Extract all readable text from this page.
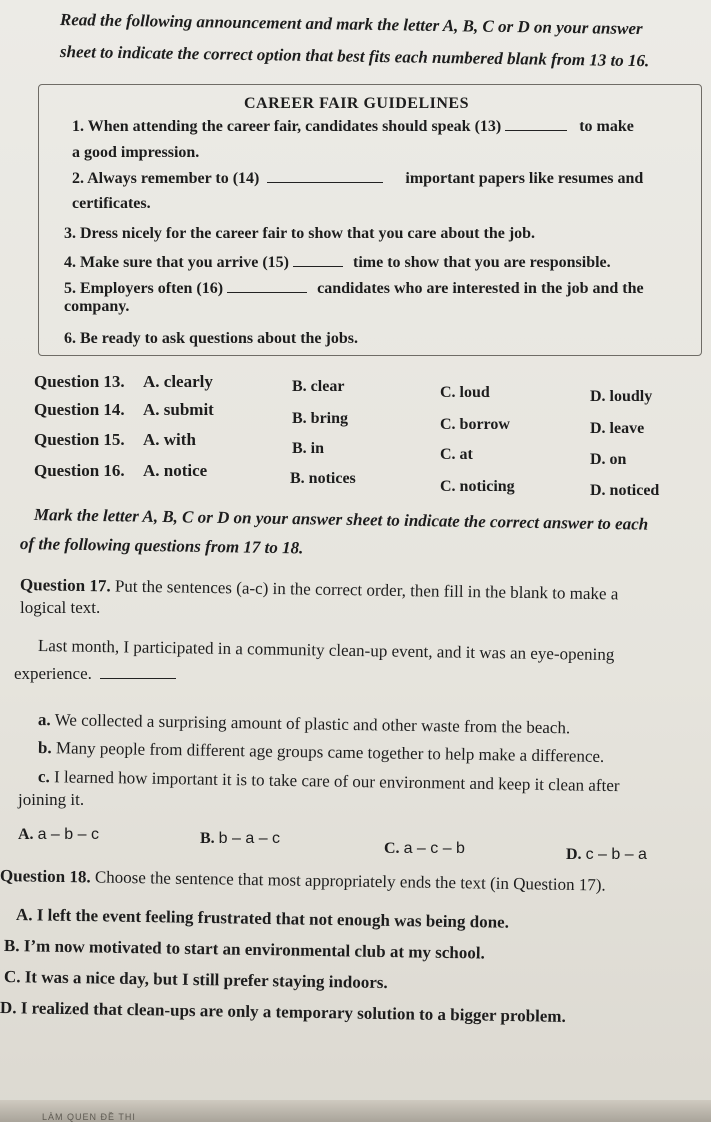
Read the following announcement and mark the letter A, B, C or D on your answer
sheet to indicate the correct option that best fits each numbered blank from 13 to 16.
CAREER FAIR GUIDELINES
1. When attending the career fair, candidates should speak (13)	to make
a good impression.
2. Always remember to (14)	important papers like resumes and
certificates.
3. Dress nicely for the career fair to show that you care about the job.
4. Make sure that you arrive (15)	time to show that you are responsible.
5. Employers often (16)	candidates who are interested in the job and the
company.
6. Be ready to ask questions about the jobs.
Question 13. A. clearly	B. clear	C. loud	D. loudly
Question 14. A. submit	B. bring	C. borrow	D. leave
Question 15. A. with	B. in	C. at	D. on
Question 16. A. notice	B. notices	C. noticing	D. noticed
Mark the letter A, B, C or D on your answer sheet to indicate the correct answer to each
of the following questions from 17 to 18.
Question 17. Put the sentences (a-c) in the correct order, then fill in the blank to make a
logical text.
Last month, I participated in a community clean-up event, and it was an eye-opening
experience.
a. We collected a surprising amount of plastic and other waste from the beach.
b. Many people from different age groups came together to help make a difference.
c. I learned how important it is to take care of our environment and keep it clean after
joining it.
A. a – b – c	B. b – a – c
C. a – c – b	D. c – b – a
Question 18. Choose the sentence that most appropriately ends the text (in Question 17).
A. I left the event feeling frustrated that not enough was being done.
B. I’m now motivated to start an environmental club at my school.
C. It was a nice day, but I still prefer staying indoors.
D. I realized that clean-ups are only a temporary solution to a bigger problem.
LÀM QUEN ĐỀ THI
